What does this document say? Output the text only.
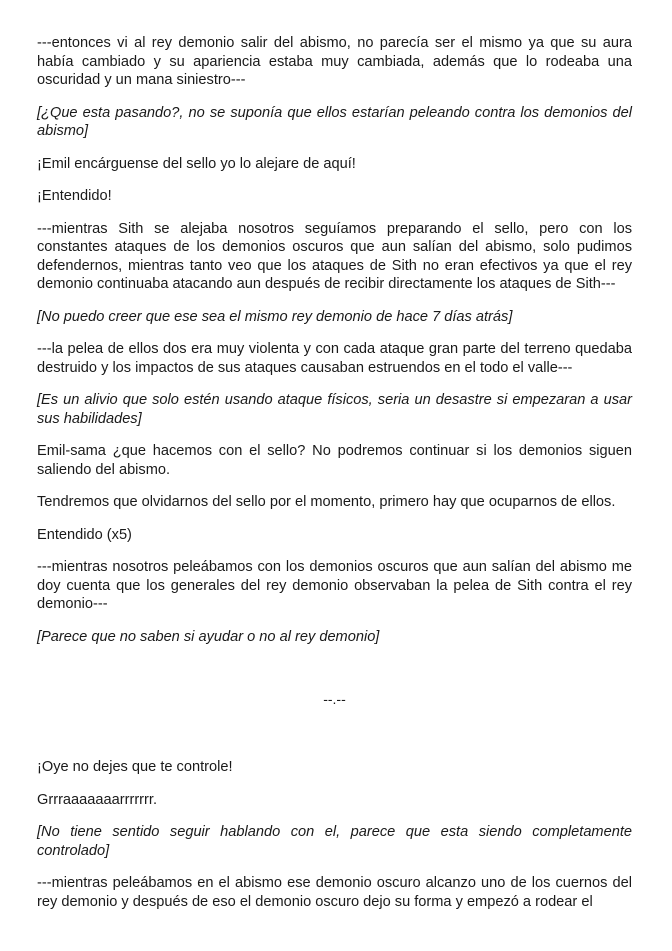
---entonces vi al rey demonio salir del abismo, no parecía ser el mismo ya que su aura había cambiado y su apariencia estaba muy cambiada, además que lo rodeaba una oscuridad y un mana siniestro---

[¿Que esta pasando?, no se suponía que ellos estarían peleando contra los demonios del abismo]

¡Emil encárguense del sello yo lo alejare de aquí!

¡Entendido!

---mientras Sith se alejaba nosotros seguíamos preparando el sello, pero con los constantes ataques de los demonios oscuros que aun salían del abismo, solo pudimos defendernos, mientras tanto veo que los ataques de Sith no eran efectivos ya que el rey demonio continuaba atacando aun después de recibir directamente los ataques de Sith---

[No puedo creer que ese sea el mismo rey demonio de hace 7 días atrás]

---la pelea de ellos dos era muy violenta y con cada ataque gran parte del terreno quedaba destruido y los impactos de sus ataques causaban estruendos en el todo el valle---

[Es un alivio que solo estén usando ataque físicos, seria un desastre si empezaran a usar sus habilidades]

Emil-sama ¿que hacemos con el sello? No podremos continuar si los demonios siguen saliendo del abismo.

Tendremos que olvidarnos del sello por el momento, primero hay que ocuparnos de ellos.

Entendido (x5)

---mientras nosotros peleábamos con los demonios oscuros que aun salían del abismo me doy cuenta que los generales del rey demonio observaban la pelea de Sith contra el rey demonio---

[Parece que no saben si ayudar o no al rey demonio]

--.--

¡Oye no dejes que te controle!

Grrraaaaaaarrrrrrr.

[No tiene sentido seguir hablando con el, parece que esta siendo completamente controlado]

---mientras peleábamos en el abismo ese demonio oscuro alcanzo uno de los cuernos del rey demonio y después de eso el demonio oscuro dejo su forma y empezó a rodear el
